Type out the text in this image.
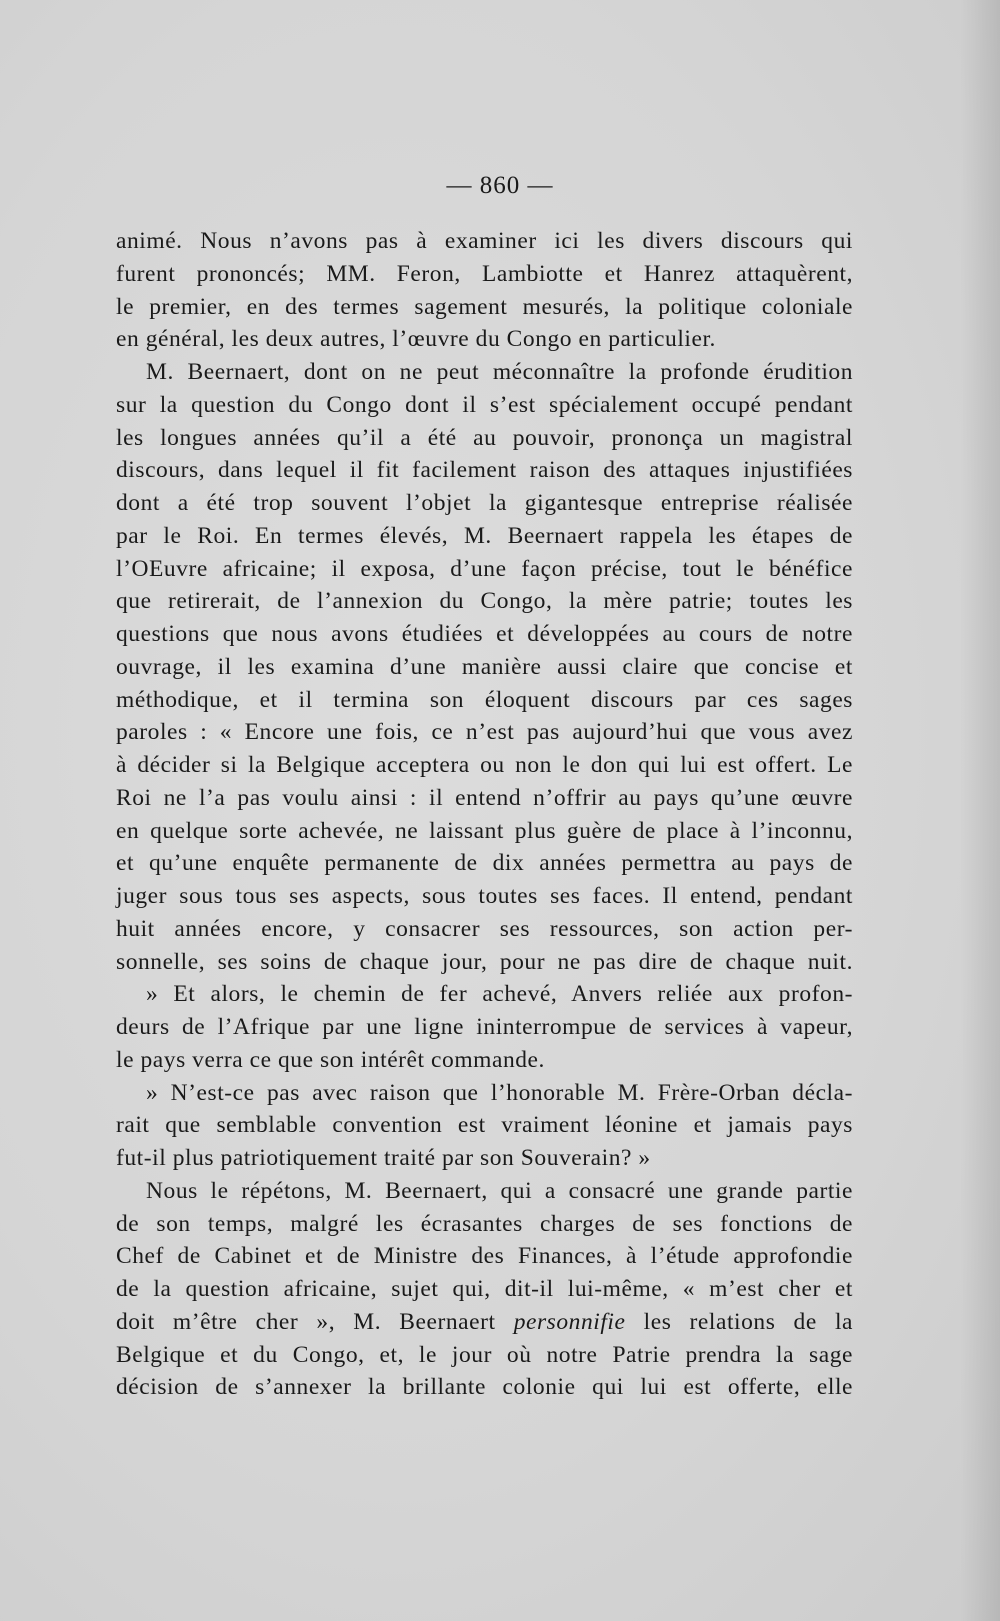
— 860 —
animé. Nous n’avons pas à examiner ici les divers discours qui
furent prononcés; MM. Feron, Lambiotte et Hanrez attaquèrent,
le premier, en des termes sagement mesurés, la politique coloniale
en général, les deux autres, l’œuvre du Congo en particulier.
M. Beernaert, dont on ne peut méconnaître la profonde érudition
sur la question du Congo dont il s’est spécialement occupé pendant
les longues années qu’il a été au pouvoir, prononça un magistral
discours, dans lequel il fit facilement raison des attaques injustifiées
dont a été trop souvent l’objet la gigantesque entreprise réalisée
par le Roi. En termes élevés, M. Beernaert rappela les étapes de
l’OEuvre africaine; il exposa, d’une façon précise, tout le bénéfice
que retirerait, de l’annexion du Congo, la mère patrie; toutes les
questions que nous avons étudiées et développées au cours de notre
ouvrage, il les examina d’une manière aussi claire que concise et
méthodique, et il termina son éloquent discours par ces sages
paroles : « Encore une fois, ce n’est pas aujourd’hui que vous avez
à décider si la Belgique acceptera ou non le don qui lui est offert. Le
Roi ne l’a pas voulu ainsi : il entend n’offrir au pays qu’une œuvre
en quelque sorte achevée, ne laissant plus guère de place à l’inconnu,
et qu’une enquête permanente de dix années permettra au pays de
juger sous tous ses aspects, sous toutes ses faces. Il entend, pendant
huit années encore, y consacrer ses ressources, son action per-
sonnelle, ses soins de chaque jour, pour ne pas dire de chaque nuit.
» Et alors, le chemin de fer achevé, Anvers reliée aux profon-
deurs de l’Afrique par une ligne ininterrompue de services à vapeur,
le pays verra ce que son intérêt commande.
» N’est-ce pas avec raison que l’honorable M. Frère-Orban décla-
rait que semblable convention est vraiment léonine et jamais pays
fut-il plus patriotiquement traité par son Souverain? »
Nous le répétons, M. Beernaert, qui a consacré une grande partie
de son temps, malgré les écrasantes charges de ses fonctions de
Chef de Cabinet et de Ministre des Finances, à l’étude approfondie
de la question africaine, sujet qui, dit-il lui-même, « m’est cher et
doit m’être cher », M. Beernaert personnifie les relations de la
Belgique et du Congo, et, le jour où notre Patrie prendra la sage
décision de s’annexer la brillante colonie qui lui est offerte, elle
